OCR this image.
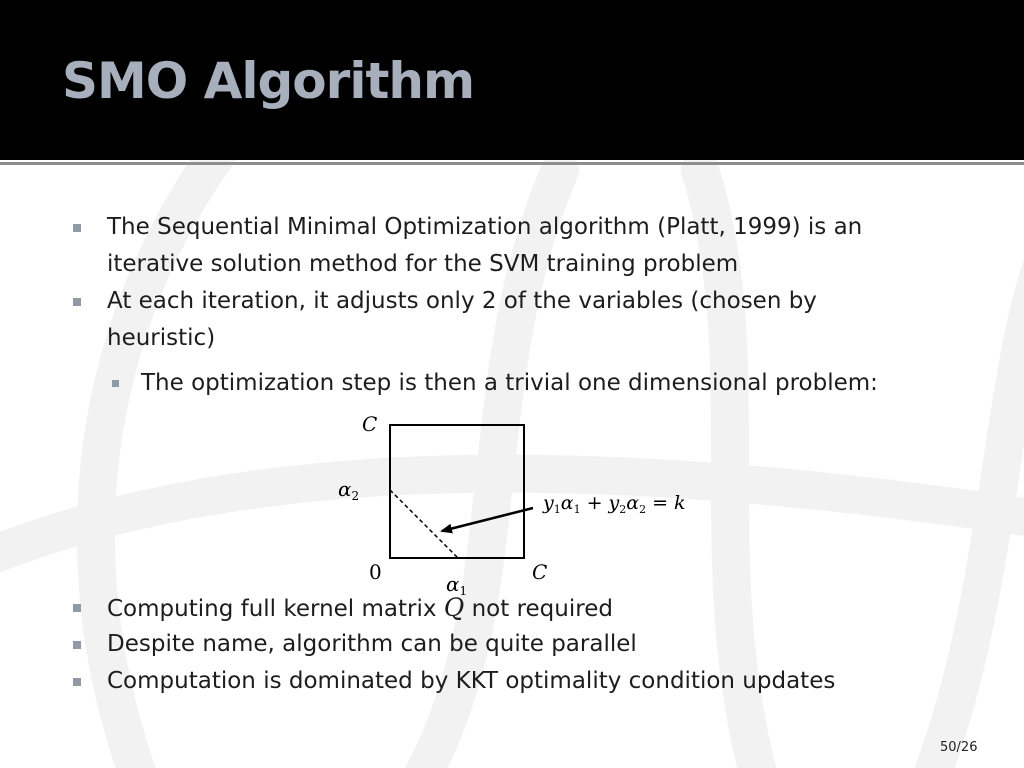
SMO Algorithm
The Sequential Minimal Optimization algorithm (Platt, 1999) is an
iterative solution method for the SVM training problem
At each iteration, it adjusts only 2 of the variables (chosen by
heuristic)
The optimization step is then a trivial one dimensional problem:
C
$\alpha_2$
0	$\alpha_1$
C
$y_1\alpha_1 + y_2\alpha_2 = k$
Computing full kernel matrix Q not required
Despite name, algorithm can be quite parallel
Computation is dominated by KKT optimality condition updates
50/26
